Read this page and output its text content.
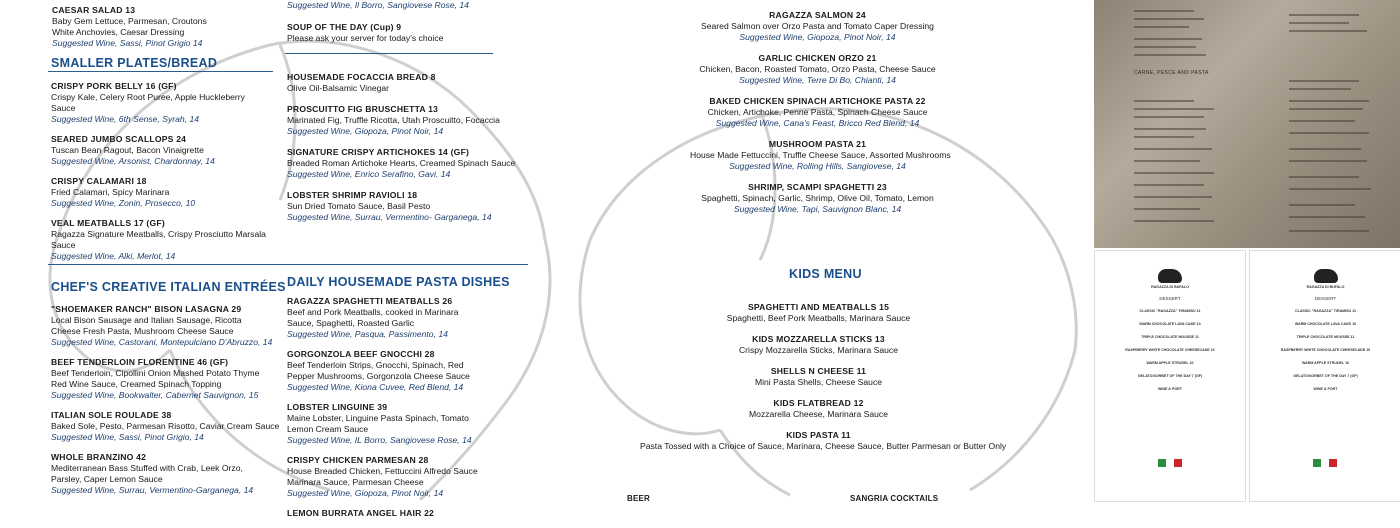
CAESAR SALAD 13
Baby Gem Lettuce, Parmesan, Croutons
White Anchovies, Caesar Dressing
Suggested Wine, Sassi, Pinot Grigio 14
SMALLER PLATES/BREAD
CRISPY PORK BELLY 16 (GF)
Crispy Kale, Celery Root Puree, Apple Huckleberry Sauce
Suggested Wine, 6th Sense, Syrah, 14
SEARED JUMBO SCALLOPS 24
Tuscan Bean Ragout, Bacon Vinaigrette
Suggested Wine, Arsonist, Chardonnay, 14
CRISPY CALAMARI 18
Fried Calamari, Spicy Marinara
Suggested Wine, Zonin, Prosecco, 10
VEAL MEATBALLS 17 (GF)
Ragazza Signature Meatballs, Crispy Prosciutto Marsala Sauce
Suggested Wine, Alki, Merlot, 14
CHEF'S CREATIVE ITALIAN ENTRÉES
"SHOEMAKER RANCH" BISON LASAGNA 29
Local Bison Sausage and Italian Sausage, Ricotta Cheese Fresh Pasta, Mushroom Cheese Sauce
Suggested Wine, Castorani, Montepulciano D'Abruzzo, 14
BEEF TENDERLOIN FLORENTINE 46 (GF)
Beef Tenderloin, Cipollini Onion Mashed Potato Thyme Red Wine Sauce, Creamed Spinach Topping
Suggested Wine, Bookwalter, Cabernet Sauvignon, 15
ITALIAN SOLE ROULADE 38
Baked Sole, Pesto, Parmesan Risotto, Caviar Cream Sauce
Suggested Wine, Sassi, Pinot Grigio, 14
WHOLE BRANZINO 42
Mediterranean Bass Stuffed with Crab, Leek Orzo, Parsley, Caper Lemon Sauce
Suggested Wine, Surrau, Vermentino-Garganega, 14
Suggested Wine, Il Borro, Sangiovese Rose, 14
SOUP OF THE DAY (Cup) 9
Please ask your server for today's choice
HOUSEMADE FOCACCIA BREAD 8
Olive Oil-Balsamic Vinegar
PROSCUITTO FIG BRUSCHETTA 13
Marinated Fig, Truffle Ricotta, Utah Proscuitto, Focaccia
Suggested Wine, Giopoza, Pinot Noir, 14
SIGNATURE CRISPY ARTICHOKES 14 (GF)
Breaded Roman Artichoke Hearts, Creamed Spinach Sauce
Suggested Wine, Enrico Serafino, Gavi, 14
LOBSTER SHRIMP RAVIOLI 18
Sun Dried Tomato Sauce, Basil Pesto
Suggested Wine, Surrau, Vermentino- Garganega, 14
DAILY HOUSEMADE PASTA DISHES
RAGAZZA SPAGHETTI MEATBALLS 26
Beef and Pork Meatballs, cooked in Marinara Sauce, Spaghetti, Roasted Garlic
Suggested Wine, Pasqua, Passimento, 14
GORGONZOLA BEEF GNOCCHI 28
Beef Tenderloin Strips, Gnocchi, Spinach, Red Pepper Mushrooms, Gorgonzola Cheese Sauce
Suggested Wine, Kiona Cuvee, Red Blend, 14
LOBSTER LINGUINE 39
Maine Lobster, Linguine Pasta Spinach, Tomato Lemon Cream Sauce
Suggested Wine, IL Borro, Sangiovese Rose, 14
CRISPY CHICKEN PARMESAN 28
House Breaded Chicken, Fettuccini Alfredo Sauce Marinara Sauce, Parmesan Cheese
Suggested Wine, Giopoza, Pinot Noir, 14
LEMON BURRATA ANGEL HAIR 22
RAGAZZA SALMON 24
Seared Salmon over Orzo Pasta and Tomato Caper Dressing
Suggested Wine, Giopoza, Pinot Noir, 14
GARLIC CHICKEN ORZO 21
Chicken, Bacon, Roasted Tomato, Orzo Pasta, Cheese Sauce
Suggested Wine, Terre Di Bo, Chianti, 14
BAKED CHICKEN SPINACH ARTICHOKE PASTA 22
Chicken, Artichoke, Penne Pasta, Spinach Cheese Sauce
Suggested Wine, Cana's Feast, Bricco Red Blend, 14
MUSHROOM PASTA 21
House Made Fettuccini, Truffle Cheese Sauce, Assorted Mushrooms
Suggested Wine, Rolling Hills, Sangiovese, 14
SHRIMP, SCAMPI SPAGHETTI 23
Spaghetti, Spinach, Garlic, Shrimp, Olive Oil, Tomato, Lemon
Suggested Wine, Tapi, Sauvignon Blanc, 14
KIDS MENU
SPAGHETTI AND MEATBALLS 15
Spaghetti, Beef Pork Meatballs, Marinara Sauce
KIDS MOZZARELLA STICKS 13
Crispy Mozzarella Sticks, Marinara Sauce
SHELLS N CHEESE 11
Mini Pasta Shells, Cheese Sauce
KIDS FLATBREAD 12
Mozzarella Cheese, Marinara Sauce
KIDS PASTA 11
Pasta Tossed with a Choice of Sauce, Marinara, Cheese Sauce, Butter Parmesan or Butter Only
BEER	SANGRIA COCKTAILS
CARNE, PESCE AND PASTA
RAGAZZA DI BUFALO
DESSERT
CLASSIC "RAGAZZA" TIRAMISU 11
WARM CHOCOLATE LAVA CAKE 10
TRIPLE CHOCOLATE MOUSSE 11
RASPBERRY WHITE CHOCOLATE CHEESECAKE 10
WARM APPLE STRUDEL 10
GELATO/SORBET OF THE DAY 7 (GF)
WINE & PORT
RAGAZZA DI BUFALO
DESSERT
CLASSIC "RAGAZZA" TIRAMISU 11
WARM CHOCOLATE LAVA CAKE 10
TRIPLE CHOCOLATE MOUSSE 11
RASPBERRY WHITE CHOCOLATE CHEESECAKE 10
WARM APPLE STRUDEL 10
GELATO/SORBET OF THE DAY 7 (GF)
WINE & PORT
